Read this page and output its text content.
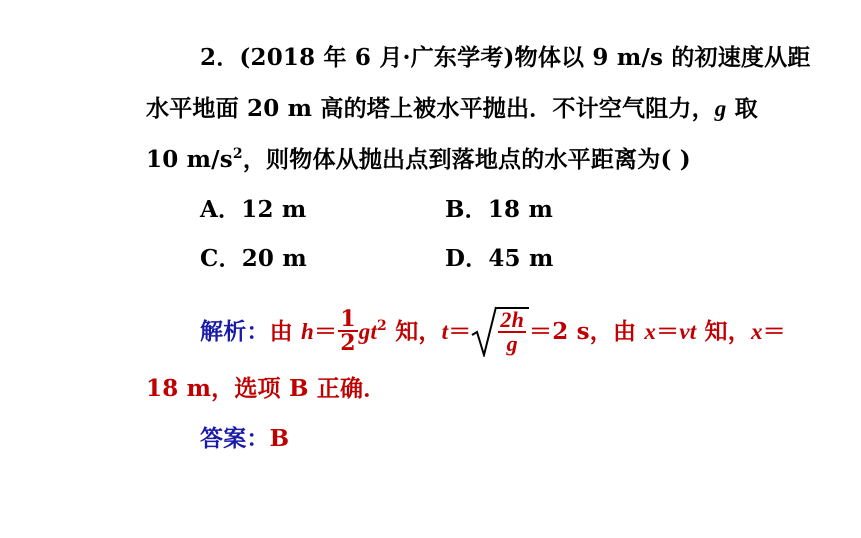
2．(2018 年 6 月·广东学考)物体以 9 m/s 的初速度从距
水平地面 20 m 高的塔上被水平抛出．不计空气阻力，g 取
10 $m/s^2$，则物体从抛出点到落地点的水平距离为( )
A．12 m	B．18 m
C．20 m	D．45 m
解析：由 $h= \frac{1}{2} gt^2$ 知，$t= \frac{2h}{g} =2$ s，由 x＝vt 知，x＝
18 m，选项 B 正确．
答案：B
